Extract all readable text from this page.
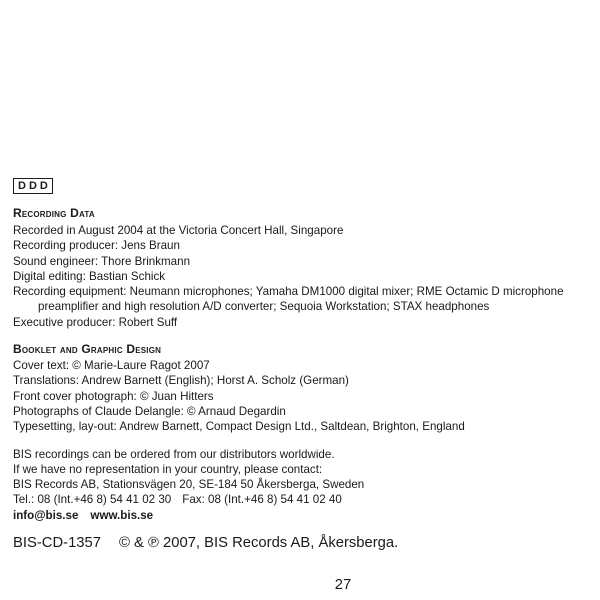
DDD
Recording Data
Recorded in August 2004 at the Victoria Concert Hall, Singapore
Recording producer: Jens Braun
Sound engineer: Thore Brinkmann
Digital editing: Bastian Schick
Recording equipment: Neumann microphones; Yamaha DM1000 digital mixer; RME Octamic D microphone
preamplifier and high resolution A/D converter; Sequoia Workstation; STAX headphones
Executive producer: Robert Suff
Booklet and Graphic Design
Cover text: © Marie-Laure Ragot 2007
Translations: Andrew Barnett (English); Horst A. Scholz (German)
Front cover photograph: © Juan Hitters
Photographs of Claude Delangle: © Arnaud Degardin
Typesetting, lay-out: Andrew Barnett, Compact Design Ltd., Saltdean, Brighton, England
BIS recordings can be ordered from our distributors worldwide.
If we have no representation in your country, please contact:
BIS Records AB, Stationsvägen 20, SE-184 50 Åkersberga, Sweden
Tel.: 08 (Int.+46 8) 54 41 02 30 Fax: 08 (Int.+46 8) 54 41 02 40
info@bis.se www.bis.se
BIS-CD-1357 © & ℗ 2007, BIS Records AB, Åkersberga.
27
